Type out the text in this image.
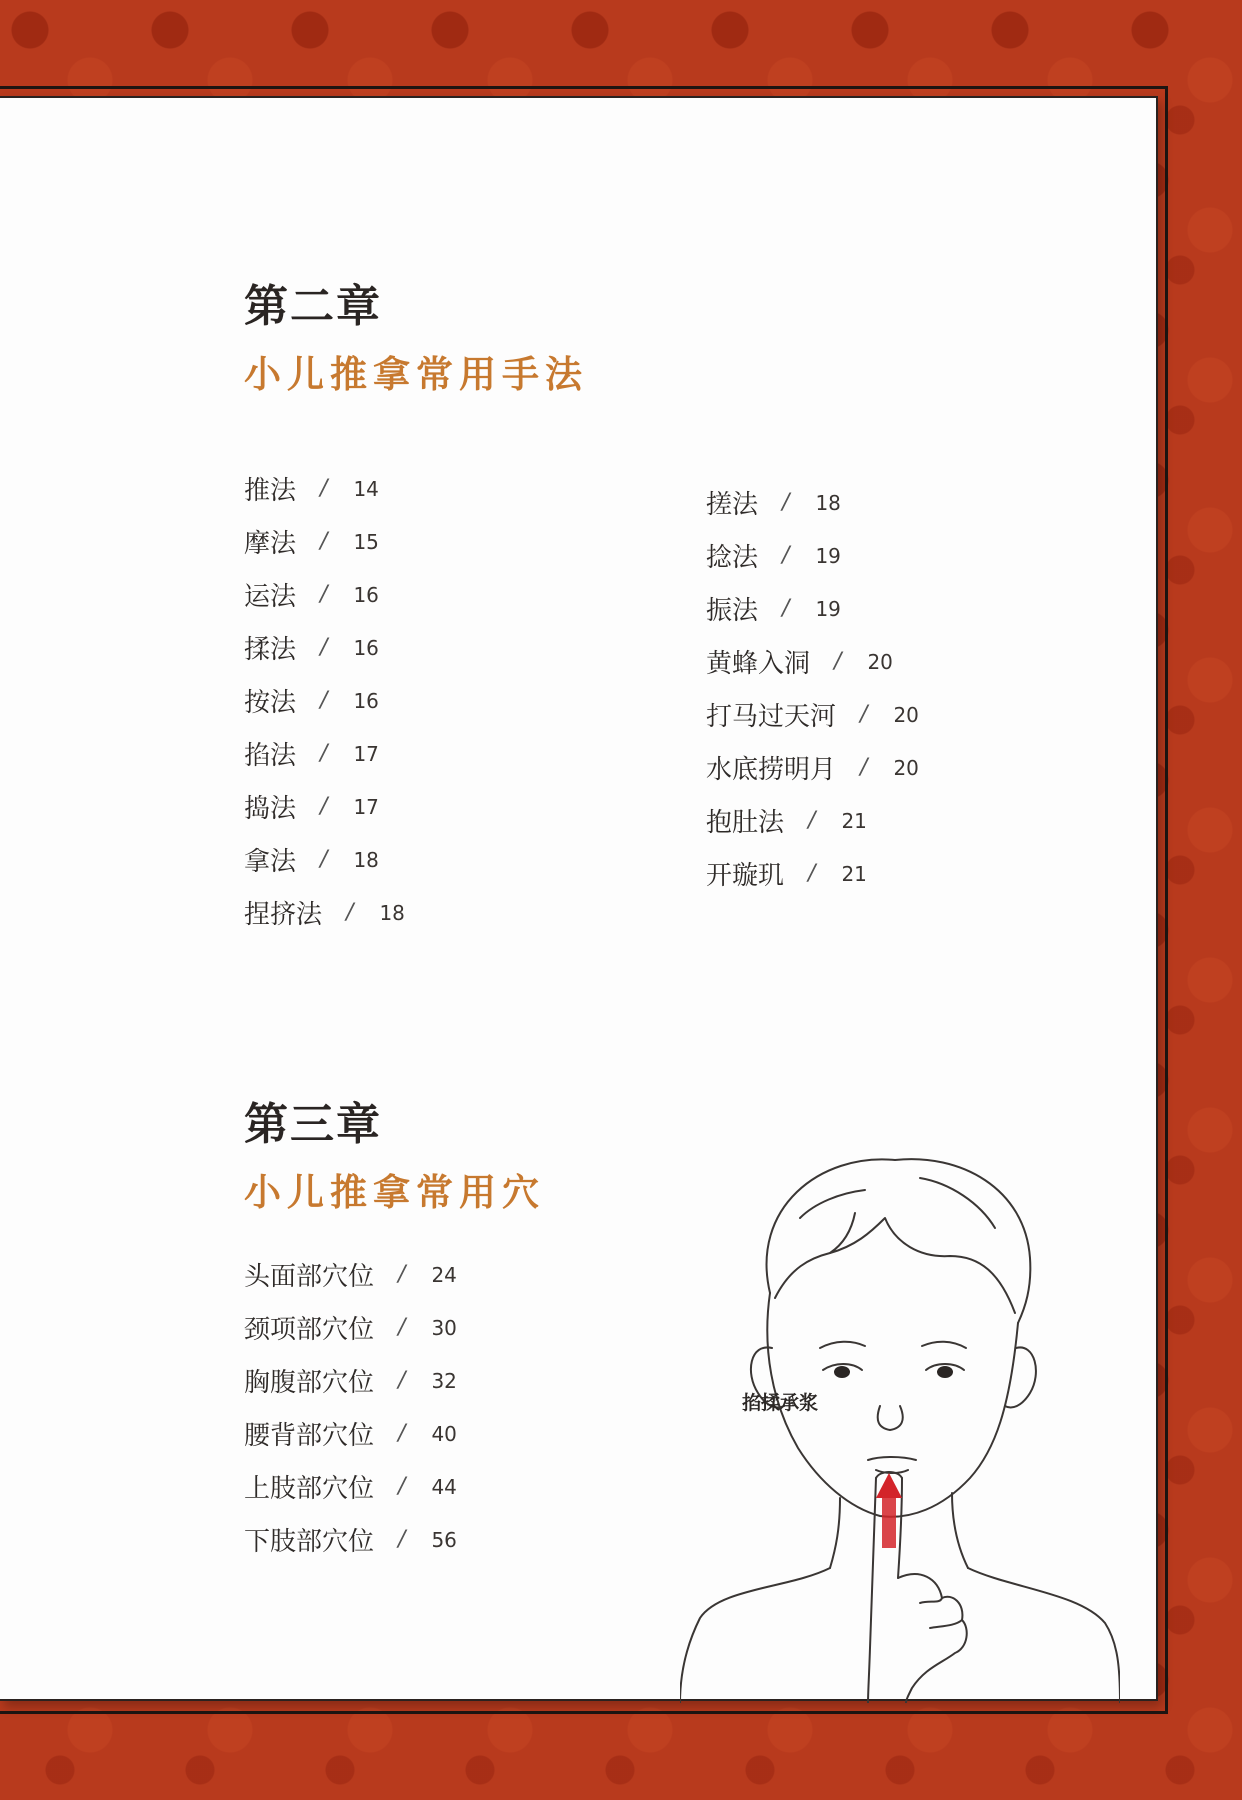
第二章
小儿推拿常用手法
推法 / 14
摩法 / 15
运法 / 16
揉法 / 16
按法 / 16
掐法 / 17
捣法 / 17
拿法 / 18
捏挤法 / 18
搓法 / 18
捻法 / 19
振法 / 19
黄蜂入洞 / 20
打马过天河 / 20
水底捞明月 / 20
抱肚法 / 21
开璇玑 / 21
第三章
小儿推拿常用穴
头面部穴位 / 24
颈项部穴位 / 30
胸腹部穴位 / 32
腰背部穴位 / 40
上肢部穴位 / 44
下肢部穴位 / 56
掐揉承浆
